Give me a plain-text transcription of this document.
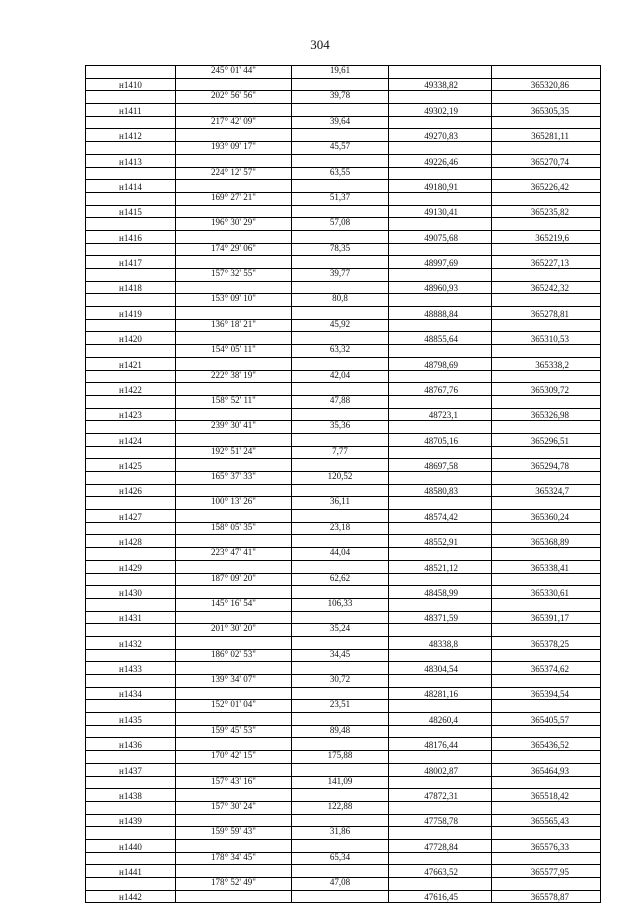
304
	245° 01' 44"	19,61		
н1410			49338,82	365320,86
	202° 56' 56"	39,78		
н1411			49302,19	365305,35
	217° 42' 09"	39,64		
н1412			49270,83	365281,11
	193° 09' 17"	45,57		
н1413			49226,46	365270,74
	224° 12' 57"	63,55		
н1414			49180,91	365226,42
	169° 27' 21"	51,37		
н1415			49130,41	365235,82
	196° 30' 29"	57,08		
н1416			49075,68	365219,6
	174° 29' 06"	78,35		
н1417			48997,69	365227,13
	157° 32' 55"	39,77		
н1418			48960,93	365242,32
	153° 09' 10"	80,8		
н1419			48888,84	365278,81
	136° 18' 21"	45,92		
н1420			48855,64	365310,53
	154° 05' 11"	63,32		
н1421			48798,69	365338,2
	222° 38' 19"	42,04		
н1422			48767,76	365309,72
	158° 52' 11"	47,88		
н1423			48723,1	365326,98
	239° 30' 41"	35,36		
н1424			48705,16	365296,51
	192° 51' 24"	7,77		
н1425			48697,58	365294,78
	165° 37' 33"	120,52		
н1426			48580,83	365324,7
	100° 13' 26"	36,11		
н1427			48574,42	365360,24
	158° 05' 35"	23,18		
н1428			48552,91	365368,89
	223° 47' 41"	44,04		
н1429			48521,12	365338,41
	187° 09' 20"	62,62		
н1430			48458,99	365330,61
	145° 16' 54"	106,33		
н1431			48371,59	365391,17
	201° 30' 20"	35,24		
н1432			48338,8	365378,25
	186° 02' 53"	34,45		
н1433			48304,54	365374,62
	139° 34' 07"	30,72		
н1434			48281,16	365394,54
	152° 01' 04"	23,51		
н1435			48260,4	365405,57
	159° 45' 53"	89,48		
н1436			48176,44	365436,52
	170° 42' 15"	175,88		
н1437			48002,87	365464,93
	157° 43' 16"	141,09		
н1438			47872,31	365518,42
	157° 30' 24"	122,88		
н1439			47758,78	365565,43
	159° 59' 43"	31,86		
н1440			47728,84	365576,33
	178° 34' 45"	65,34		
н1441			47663,52	365577,95
	178° 52' 49"	47,08		
н1442			47616,45	365578,87
